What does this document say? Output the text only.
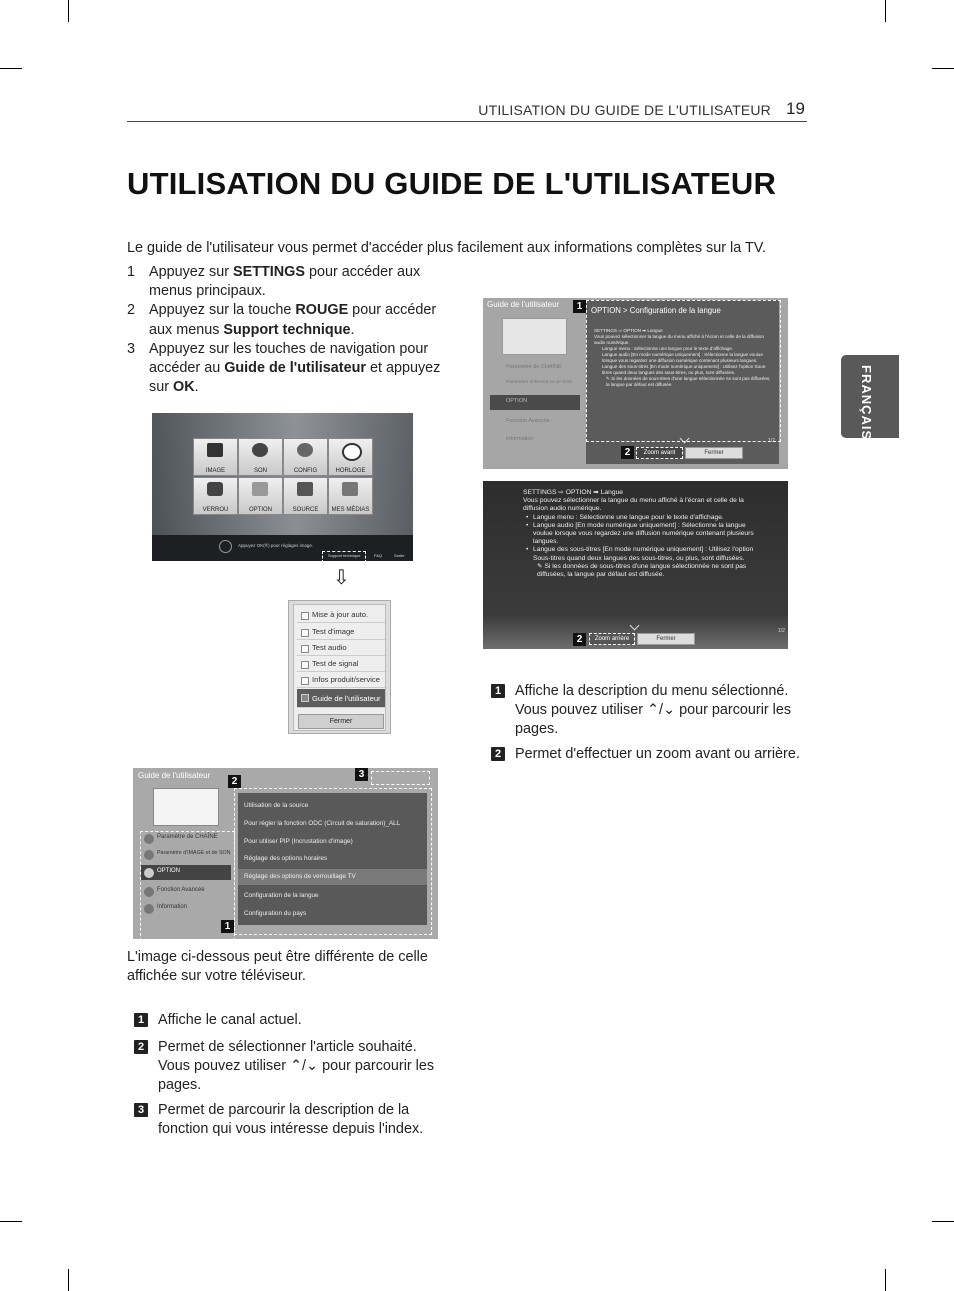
UTILISATION DU GUIDE DE L'UTILISATEUR 19
UTILISATION DU GUIDE DE L'UTILISATEUR
FRANÇAIS
Le guide de l'utilisateur vous permet d'accéder plus facilement aux informations complètes sur la TV.
1 Appuyez sur SETTINGS pour accéder aux menus principaux.
2 Appuyez sur la touche ROUGE pour accéder aux menus Support technique.
3 Appuyez sur les touches de navigation pour accéder au Guide de l'utilisateur et appuyez sur OK.
IMAGE	SON	CONFIG	HORLOGE
VERROU	OPTION	SOURCE	MES MÉDIAS
Appuyez OK(®) pour réglages image.
Support technique	FAQ	Sortie
⇩
Mise à jour auto.
Test d'image
Test audio
Test de signal
Infos produit/service
Guide de l'utilisateur
Fermer
Guide de l'utilisateur
Paramètre de CHAÎNE
Paramètre d'IMAGE et de SON
OPTION
Fonction Avancée
Information
Utilisation de la source
Pour régler la fonction ODC (Circuit de saturation)_ALL
Pour utiliser PIP (Incrustation d'image)
Réglage des options horaires
Réglage des options de verrouillage TV
Configuration de la langue
Configuration du pays
1
2
3
L'image ci-dessous peut être différente de celle affichée sur votre téléviseur.
1 Affiche le canal actuel.
2 Permet de sélectionner l'article souhaité. Vous pouvez utiliser ⌃/⌄ pour parcourir les pages.
3 Permet de parcourir la description de la fonction qui vous intéresse depuis l'index.
Guide de l'utilisateur
Paramètre de CHAÎNE
Paramètre d'IMAGE et de SON
OPTION
Fonction Avancée
Information
OPTION > Configuration de la langue
SETTINGS ⇨ OPTION ➡ Langue
Vous pouvez sélectionner la langue du menu affiché à l'écran et celle de la diffusion audio numérique.
Langue menu : Sélectionne une langue pour le texte d'affichage.
Langue audio [En mode numérique uniquement] : Sélectionne la langue voulue lorsque vous regardez une diffusion numérique contenant plusieurs langues.
Langue des sous-titres [En mode numérique uniquement] : Utilisez l'option Sous-titres quand deux langues des sous-titres, ou plus, sont diffusées.
✎ Si les données de sous-titres d'une langue sélectionnée ne sont pas diffusées, la langue par défaut est diffusée.
Zoom avant	Fermer
1/2
1
2
SETTINGS ⇨ OPTION ➡ Langue
Vous pouvez sélectionner la langue du menu affiché à l'écran et celle de la diffusion audio numérique.
• Langue menu : Sélectionne une langue pour le texte d'affichage.
• Langue audio [En mode numérique uniquement] : Sélectionne la langue voulue lorsque vous regardez une diffusion numérique contenant plusieurs langues.
• Langue des sous-titres [En mode numérique uniquement] : Utilisez l'option Sous-titres quand deux langues des sous-titres, ou plus, sont diffusées.
✎ Si les données de sous-titres d'une langue sélectionnée ne sont pas diffusées, la langue par défaut est diffusée.
Zoom arrière	Fermer
1/2
2
1 Affiche la description du menu sélectionné. Vous pouvez utiliser ⌃/⌄ pour parcourir les pages.
2 Permet d'effectuer un zoom avant ou arrière.
